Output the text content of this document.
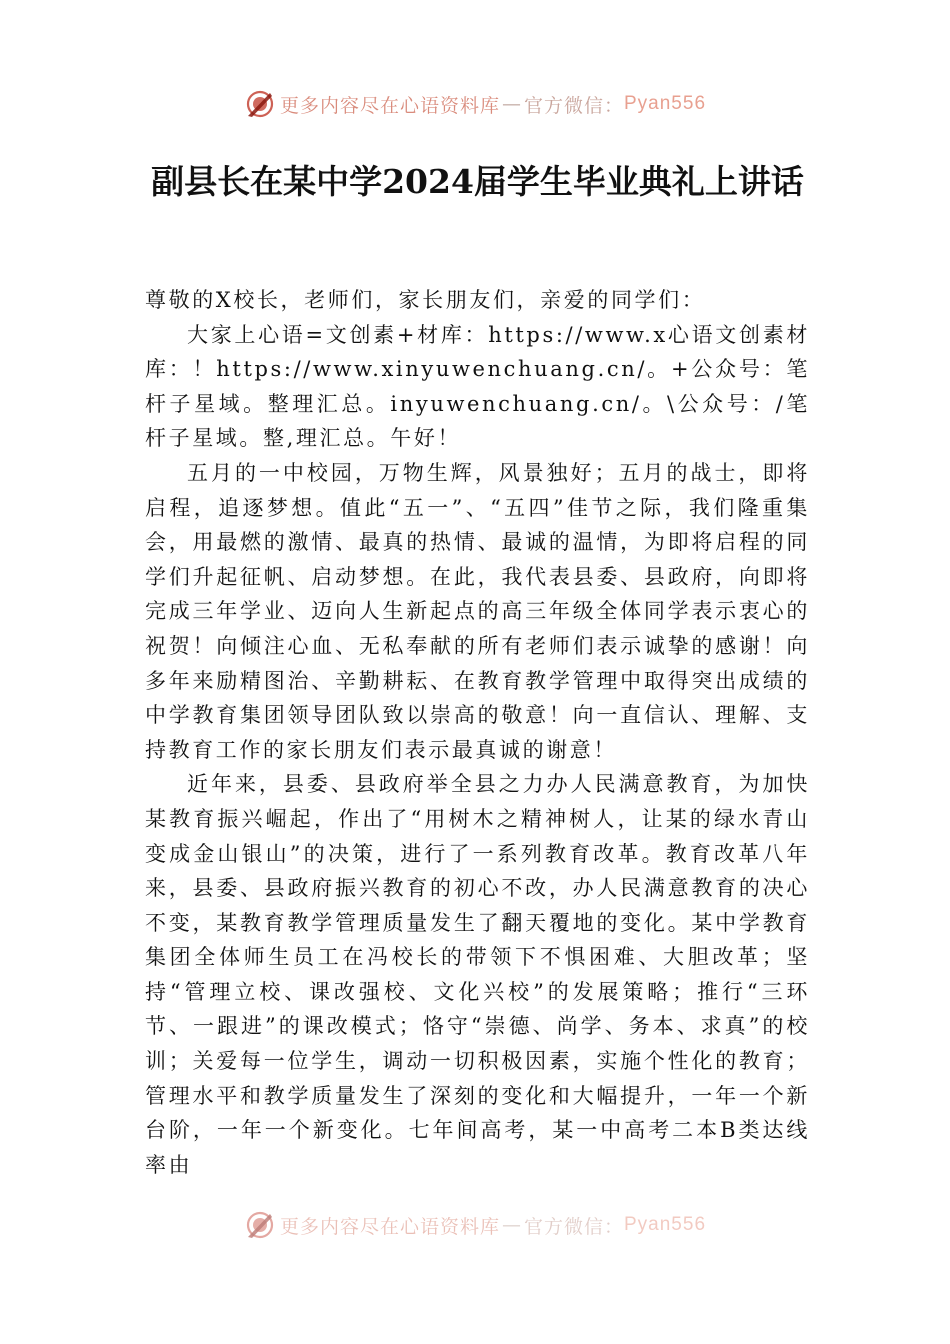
更多内容尽在心语资料库 — 官方微信： Pyan556
副县长在某中学2024届学生毕业典礼上讲话

尊敬的X校长，老师们，家长朋友们，亲爱的同学们：

大家上心语=文创素+材库：https://www.x心语文创素材库：！https://www.xinyuwenchuang.cn/。+公众号：笔杆子星域。整理汇总。inyuwenchuang.cn/。\公众号：/笔杆子星域。整,理汇总。午好！

五月的一中校园，万物生辉，风景独好；五月的战士，即将启程，追逐梦想。值此“五一”、“五四”佳节之际，我们隆重集会，用最燃的激情、最真的热情、最诚的温情，为即将启程的同学们升起征帆、启动梦想。在此，我代表县委、县政府，向即将完成三年学业、迈向人生新起点的高三年级全体同学表示衷心的祝贺！向倾注心血、无私奉献的所有老师们表示诚挚的感谢！向多年来励精图治、辛勤耕耘、在教育教学管理中取得突出成绩的中学教育集团领导团队致以崇高的敬意！向一直信认、理解、支持教育工作的家长朋友们表示最真诚的谢意！

近年来，县委、县政府举全县之力办人民满意教育，为加快某教育振兴崛起，作出了“用树木之精神树人，让某的绿水青山变成金山银山”的决策，进行了一系列教育改革。教育改革八年来，县委、县政府振兴教育的初心不改，办人民满意教育的决心不变，某教育教学管理质量发生了翻天覆地的变化。某中学教育集团全体师生员工在冯校长的带领下不惧困难、大胆改革；坚持“管理立校、课改强校、文化兴校”的发展策略；推行“三环节、一跟进”的课改模式；恪守“崇德、尚学、务本、求真”的校训；关爱每一位学生，调动一切积极因素，实施个性化的教育；管理水平和教学质量发生了深刻的变化和大幅提升，一年一个新台阶，一年一个新变化。七年间高考，某一中高考二本B类达线率由

更多内容尽在心语资料库 — 官方微信： Pyan556
